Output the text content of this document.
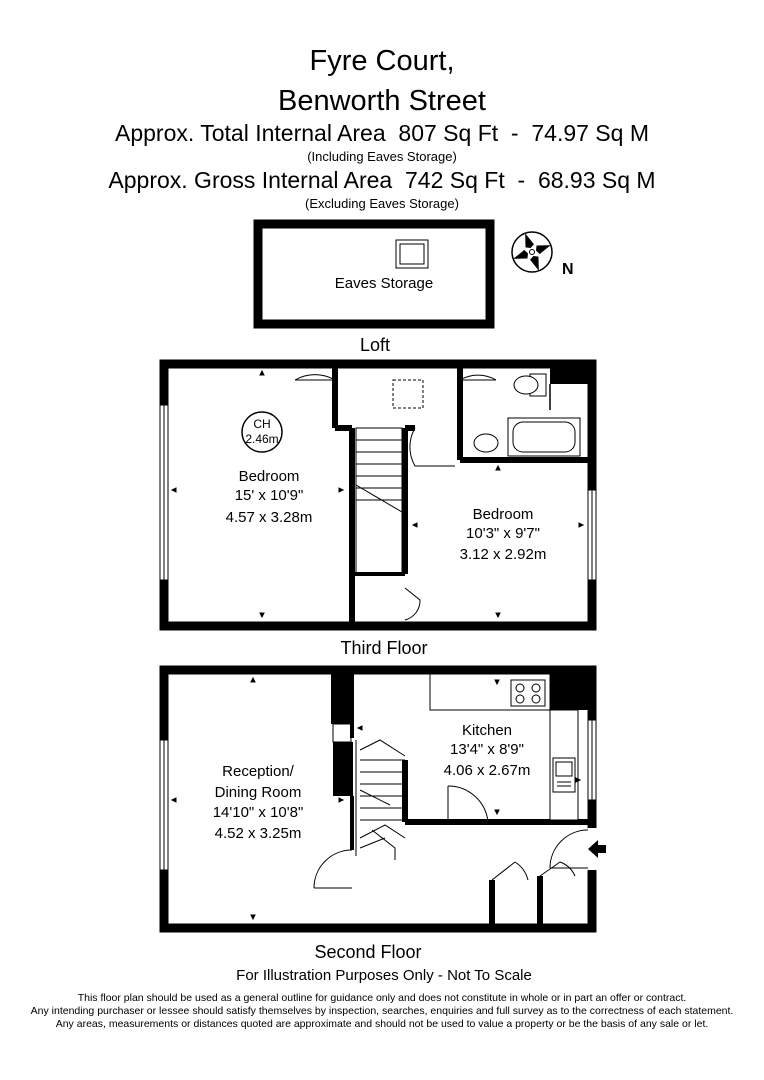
Fyre Court,
Benworth Street
Approx. Total Internal Area  807 Sq Ft  -  74.97 Sq M
(Including Eaves Storage)
Approx. Gross Internal Area  742 Sq Ft  -  68.93 Sq M
(Excluding Eaves Storage)
Eaves Storage
Loft
N
CH
2.46m
Bedroom
15' x 10'9"
4.57 x 3.28m	Bedroom
10'3" x 9'7"
3.12 x 2.92m
Third Floor
Reception/
Dining Room
14'10" x 10'8"
4.52 x 3.25m
Kitchen
13'4" x 8'9"
4.06 x 2.67m
Second Floor
For Illustration Purposes Only - Not To Scale
This floor plan should be used as a general outline for guidance only and does not constitute in whole or in part an offer or contract.
Any intending purchaser or lessee should satisfy themselves by inspection, searches, enquiries and full survey as to the correctness of each statement.
Any areas, measurements or distances quoted are approximate and should not be used to value a property or be the basis of any sale or let.
